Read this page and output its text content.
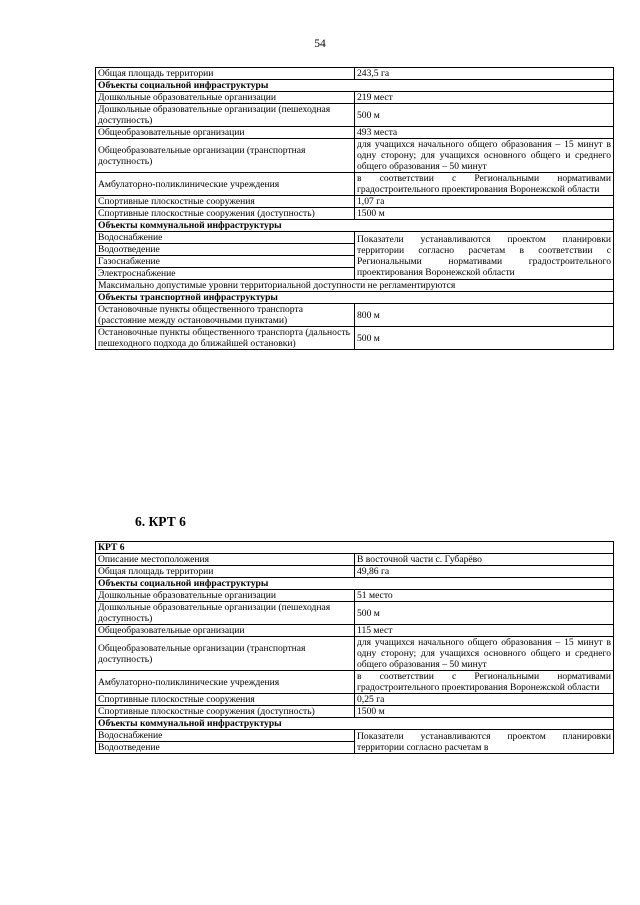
54
Общая площадь территории	243,5 га
Объекты социальной инфраструктуры	
Дошкольные образовательные организации	219 мест
Дошкольные образовательные организации (пешеходная доступность)	500 м
Общеобразовательные организации	493 места
Общеобразовательные организации (транспортная доступность)	для учащихся начального общего образования – 15 минут в одну сторону; для учащихся основного общего и среднего общего образования – 50 минут
Амбулаторно-поликлинические учреждения	в соответствии с Региональными нормативами градостроительного проектирования Воронежской области
Спортивные плоскостные сооружения	1,07 га
Спортивные плоскостные сооружения (доступность)	1500 м
Объекты коммунальной инфраструктуры	
Водоснабжение	Показатели устанавливаются проектом планировки территории согласно расчетам в соответствии с Региональными нормативами градостроительного проектирования Воронежской области
Водоотведение	
Газоснабжение	
Электроснабжение	
Максимально допустимые уровни территориальной доступности не регламентируются	
Объекты транспортной инфраструктуры	
Остановочные пункты общественного транспорта (расстояние между остановочными пунктами)	800 м
Остановочные пункты общественного транспорта (дальность пешеходного подхода до ближайшей остановки)	500 м
6. КРТ 6
КРТ 6	
Описание местоположения	В восточной части с. Губарёво
Общая площадь территории	49,86 га
Объекты социальной инфраструктуры	
Дошкольные образовательные организации	51 место
Дошкольные образовательные организации (пешеходная доступность)	500 м
Общеобразовательные организации	115 мест
Общеобразовательные организации (транспортная доступность)	для учащихся начального общего образования – 15 минут в одну сторону; для учащихся основного общего и среднего общего образования – 50 минут
Амбулаторно-поликлинические учреждения	в соответствии с Региональными нормативами градостроительного проектирования Воронежской области
Спортивные плоскостные сооружения	0,25 га
Спортивные плоскостные сооружения (доступность)	1500 м
Объекты коммунальной инфраструктуры	
Водоснабжение	Показатели устанавливаются проектом планировки территории согласно расчетам в
Водоотведение	
